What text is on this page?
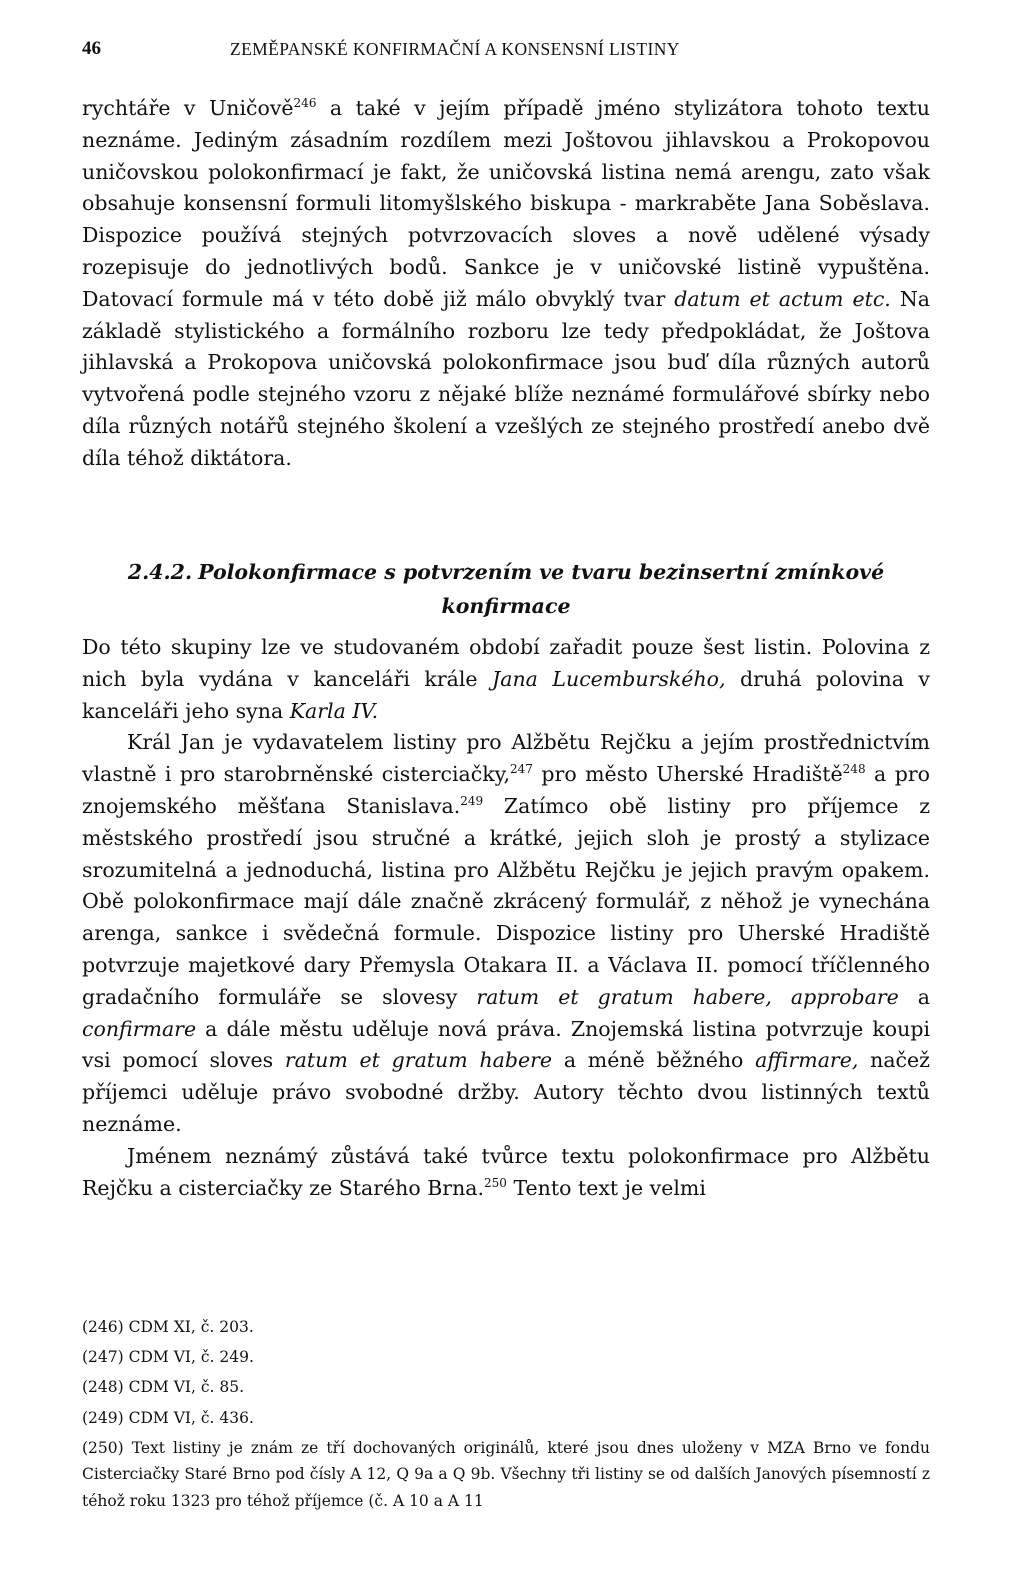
46	ZEMĚPANSKÉ KONFIRMAČNÍ A KONSENSNÍ LISTINY

rychtáře v Uničově$^{246}$ a také v jejím případě jméno stylizátora tohoto textu neznáme. Jediným zásadním rozdílem mezi Joštovou jihlavskou a Prokopovou uničovskou polokonfirmací je fakt, že uničovská listina nemá arengu, zato však obsahuje konsensní formuli litomyšlského biskupa - markraběte Jana Soběslava. Dispozice používá stejných potvrzovacích sloves a nově udělené výsady rozepisuje do jednotlivých bodů. Sankce je v uničovské listině vypuštěna. Datovací formule má v této době již málo obvyklý tvar datum et actum etc. Na základě stylistického a formálního rozboru lze tedy předpokládat, že Joštova jihlavská a Prokopova uničovská polokonfirmace jsou buď díla různých autorů vytvořená podle stejného vzoru z nějaké blíže neznámé formulářové sbírky nebo díla různých notářů stejného školení a vzešlých ze stejného prostředí anebo dvě díla téhož diktátora.

2.4.2. Polokonfirmace s potvrzením ve tvaru bezinsertní zmínkové konfirmace

Do této skupiny lze ve studovaném období zařadit pouze šest listin. Polovina z nich byla vydána v kanceláři krále Jana Lucemburského, druhá polovina v kanceláři jeho syna Karla IV.

Král Jan je vydavatelem listiny pro Alžbětu Rejčku a jejím prostřednictvím vlastně i pro starobrněnské cisterciačky,$^{247}$ pro město Uherské Hradiště$^{248}$ a pro znojemského měšťana Stanislava.$^{249}$ Zatímco obě listiny pro příjemce z městského prostředí jsou stručné a krátké, jejich sloh je prostý a stylizace srozumitelná a jednoduchá, listina pro Alžbětu Rejčku je jejich pravým opakem. Obě polokonfirmace mají dále značně zkrácený formulář, z něhož je vynechána arenga, sankce i svědečná formule. Dispozice listiny pro Uherské Hradiště potvrzuje majetkové dary Přemysla Otakara II. a Václava II. pomocí tříčlenného gradačního formuláře se slovesy ratum et gratum habere, approbare a confirmare a dále městu uděluje nová práva. Znojemská listina potvrzuje koupi vsi pomocí sloves ratum et gratum habere a méně běžného affirmare, načež příjemci uděluje právo svobodné držby. Autory těchto dvou listinných textů neznáme.

Jménem neznámý zůstává také tvůrce textu polokonfirmace pro Alžbětu Rejčku a cisterciačky ze Starého Brna.$^{250}$ Tento text je velmi

(246) CDM XI, č. 203.

(247) CDM VI, č. 249.

(248) CDM VI, č. 85.

(249) CDM VI, č. 436.

(250) Text listiny je znám ze tří dochovaných originálů, které jsou dnes uloženy v MZA Brno ve fondu Cisterciačky Staré Brno pod čísly A 12, Q 9a a Q 9b. Všechny tři listiny se od dalších Janových písemností z téhož roku 1323 pro téhož příjemce (č. A 10 a A 11
